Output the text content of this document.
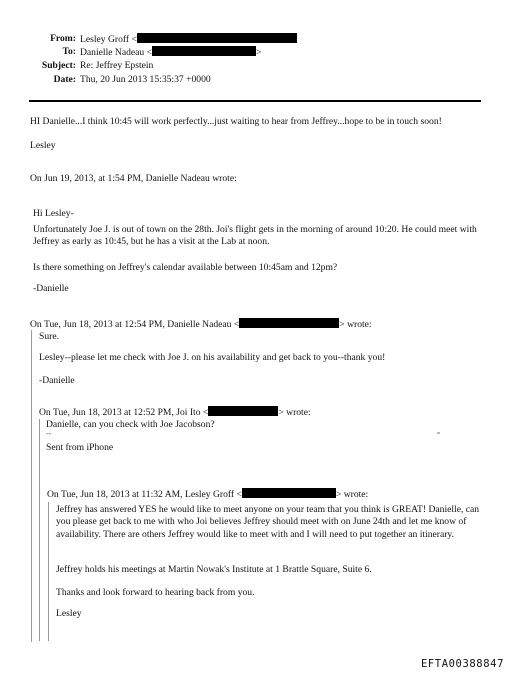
From: Lesley Groff <
To: Danielle Nadeau <	>
Subject: Re: Jeffrey Epstein
Date: Thu, 20 Jun 2013 15:35:37 +0000
HI Danielle...I think 10:45 will work perfectly...just waiting to hear from Jeffrey...hope to be in touch soon!
Lesley
On Jun 19, 2013, at 1:54 PM, Danielle Nadeau wrote:
Hi Lesley-
Unfortunately Joe J. is out of town on the 28th. Joi's flight gets in the morning of around 10:20. He could meet with Jeffrey as early as 10:45, but he has a visit at the Lab at noon.
Is there something on Jeffrey's calendar available between 10:45am and 12pm?
-Danielle
On Tue, Jun 18, 2013 at 12:54 PM, Danielle Nadeau <	> wrote:
Sure.
Lesley--please let me check with Joe J. on his availability and get back to you--thank you!
-Danielle
On Tue, Jun 18, 2013 at 12:52 PM, Joi Ito <	> wrote:
Danielle, can you check with Joe Jacobson?
--
Sent from iPhone
On Tue, Jun 18, 2013 at 11:32 AM, Lesley Groff <	> wrote:
Jeffrey has answered YES he would like to meet anyone on your team that you think is GREAT! Danielle, can you please get back to me with who Joi believes Jeffrey should meet with on June 24th and let me know of availability. There are others Jeffrey would like to meet with and I will need to put together an itinerary.
Jeffrey holds his meetings at Martin Nowak's Institute at 1 Brattle Square, Suite 6.
Thanks and look forward to hearing back from you.
Lesley
EFTA00388847
